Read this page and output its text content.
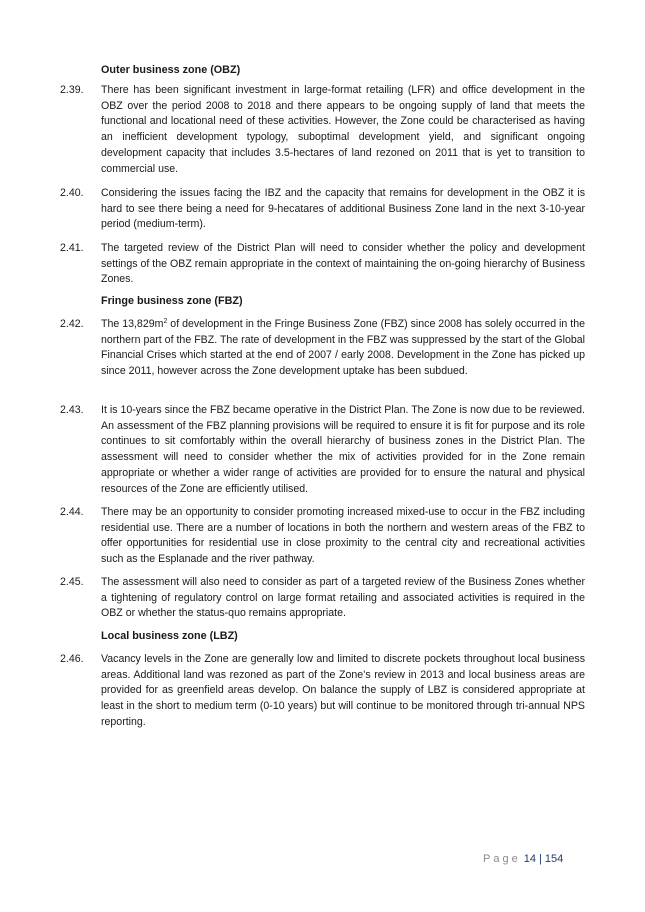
Outer business zone (OBZ)
2.39.	There has been significant investment in large-format retailing (LFR) and office development in the OBZ over the period 2008 to 2018 and there appears to be ongoing supply of land that meets the functional and locational need of these activities. However, the Zone could be characterised as having an inefficient development typology, suboptimal development yield, and significant ongoing development capacity that includes 3.5-hectares of land rezoned on 2011 that is yet to transition to commercial use.
2.40.	Considering the issues facing the IBZ and the capacity that remains for development in the OBZ it is hard to see there being a need for 9-hecatares of additional Business Zone land in the next 3-10-year period (medium-term).
2.41.	The targeted review of the District Plan will need to consider whether the policy and development settings of the OBZ remain appropriate in the context of maintaining the on-going hierarchy of Business Zones.
Fringe business zone (FBZ)
2.42.	The $13,829m^2$ of development in the Fringe Business Zone (FBZ) since 2008 has solely occurred in the northern part of the FBZ. The rate of development in the FBZ was suppressed by the start of the Global Financial Crises which started at the end of 2007 / early 2008. Development in the Zone has picked up since 2011, however across the Zone development uptake has been subdued.
2.43.	It is 10-years since the FBZ became operative in the District Plan. The Zone is now due to be reviewed. An assessment of the FBZ planning provisions will be required to ensure it is fit for purpose and its role continues to sit comfortably within the overall hierarchy of business zones in the District Plan. The assessment will need to consider whether the mix of activities provided for in the Zone remain appropriate or whether a wider range of activities are provided for to ensure the natural and physical resources of the Zone are efficiently utilised.
2.44.	There may be an opportunity to consider promoting increased mixed-use to occur in the FBZ including residential use. There are a number of locations in both the northern and western areas of the FBZ to offer opportunities for residential use in close proximity to the central city and recreational activities such as the Esplanade and the river pathway.
2.45.	The assessment will also need to consider as part of a targeted review of the Business Zones whether a tightening of regulatory control on large format retailing and associated activities is required in the OBZ or whether the status-quo remains appropriate.
Local business zone (LBZ)
2.46.	Vacancy levels in the Zone are generally low and limited to discrete pockets throughout local business areas. Additional land was rezoned as part of the Zone’s review in 2013 and local business areas are provided for as greenfield areas develop. On balance the supply of LBZ is considered appropriate at least in the short to medium term (0-10 years) but will continue to be monitored through tri-annual NPS reporting.
Page 14 | 154
